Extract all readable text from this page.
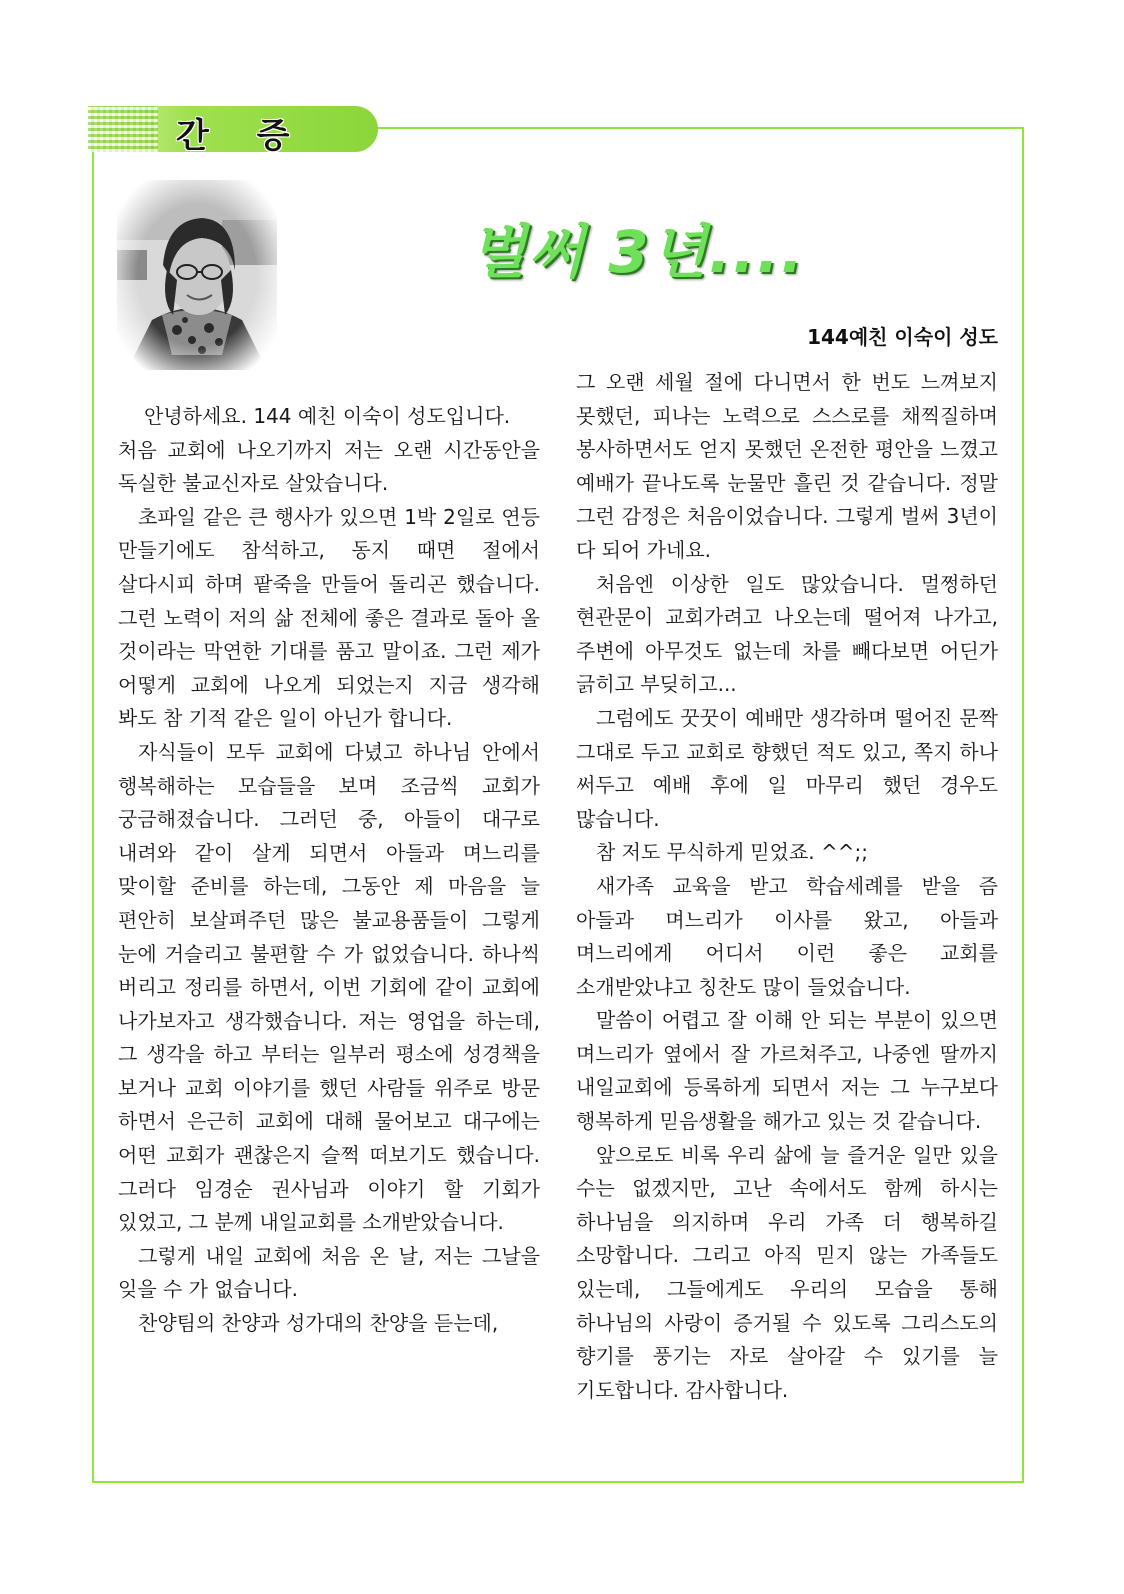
간 증
벌써 3년....
144예친 이숙이 성도

안녕하세요. 144 예친 이숙이 성도입니다.

처음 교회에 나오기까지 저는 오랜 시간동안을 독실한 불교신자로 살았습니다.

초파일 같은 큰 행사가 있으면 1박 2일로 연등 만들기에도 참석하고, 동지 때면 절에서 살다시피 하며 팥죽을 만들어 돌리곤 했습니다. 그런 노력이 저의 삶 전체에 좋은 결과로 돌아 올 것이라는 막연한 기대를 품고 말이죠. 그런 제가 어떻게 교회에 나오게 되었는지 지금 생각해 봐도 참 기적 같은 일이 아닌가 합니다.

자식들이 모두 교회에 다녔고 하나님 안에서 행복해하는 모습들을 보며 조금씩 교회가 궁금해졌습니다. 그러던 중, 아들이 대구로 내려와 같이 살게 되면서 아들과 며느리를 맞이할 준비를 하는데, 그동안 제 마음을 늘 편안히 보살펴주던 많은 불교용품들이 그렇게 눈에 거슬리고 불편할 수 가 없었습니다. 하나씩 버리고 정리를 하면서, 이번 기회에 같이 교회에 나가보자고 생각했습니다. 저는 영업을 하는데, 그 생각을 하고 부터는 일부러 평소에 성경책을 보거나 교회 이야기를 했던 사람들 위주로 방문 하면서 은근히 교회에 대해 물어보고 대구에는 어떤 교회가 괜찮은지 슬쩍 떠보기도 했습니다. 그러다 임경순 권사님과 이야기 할 기회가 있었고, 그 분께 내일교회를 소개받았습니다.

그렇게 내일 교회에 처음 온 날, 저는 그날을 잊을 수 가 없습니다.

찬양팀의 찬양과 성가대의 찬양을 듣는데,

그 오랜 세월 절에 다니면서 한 번도 느껴보지 못했던, 피나는 노력으로 스스로를 채찍질하며 봉사하면서도 얻지 못했던 온전한 평안을 느꼈고 예배가 끝나도록 눈물만 흘린 것 같습니다. 정말 그런 감정은 처음이었습니다. 그렇게 벌써 3년이 다 되어 가네요.

처음엔 이상한 일도 많았습니다. 멀쩡하던 현관문이 교회가려고 나오는데 떨어져 나가고, 주변에 아무것도 없는데 차를 빼다보면 어딘가 긁히고 부딪히고...

그럼에도 꿋꿋이 예배만 생각하며 떨어진 문짝 그대로 두고 교회로 향했던 적도 있고, 쪽지 하나 써두고 예배 후에 일 마무리 했던 경우도 많습니다.

참 저도 무식하게 믿었죠. ^^;;

새가족 교육을 받고 학습세례를 받을 즘 아들과 며느리가 이사를 왔고, 아들과 며느리에게 어디서 이런 좋은 교회를 소개받았냐고 칭찬도 많이 들었습니다.

말씀이 어렵고 잘 이해 안 되는 부분이 있으면 며느리가 옆에서 잘 가르쳐주고, 나중엔 딸까지 내일교회에 등록하게 되면서 저는 그 누구보다 행복하게 믿음생활을 해가고 있는 것 같습니다.

앞으로도 비록 우리 삶에 늘 즐거운 일만 있을 수는 없겠지만, 고난 속에서도 함께 하시는 하나님을 의지하며 우리 가족 더 행복하길 소망합니다. 그리고 아직 믿지 않는 가족들도 있는데, 그들에게도 우리의 모습을 통해 하나님의 사랑이 증거될 수 있도록 그리스도의 향기를 풍기는 자로 살아갈 수 있기를 늘 기도합니다. 감사합니다.
